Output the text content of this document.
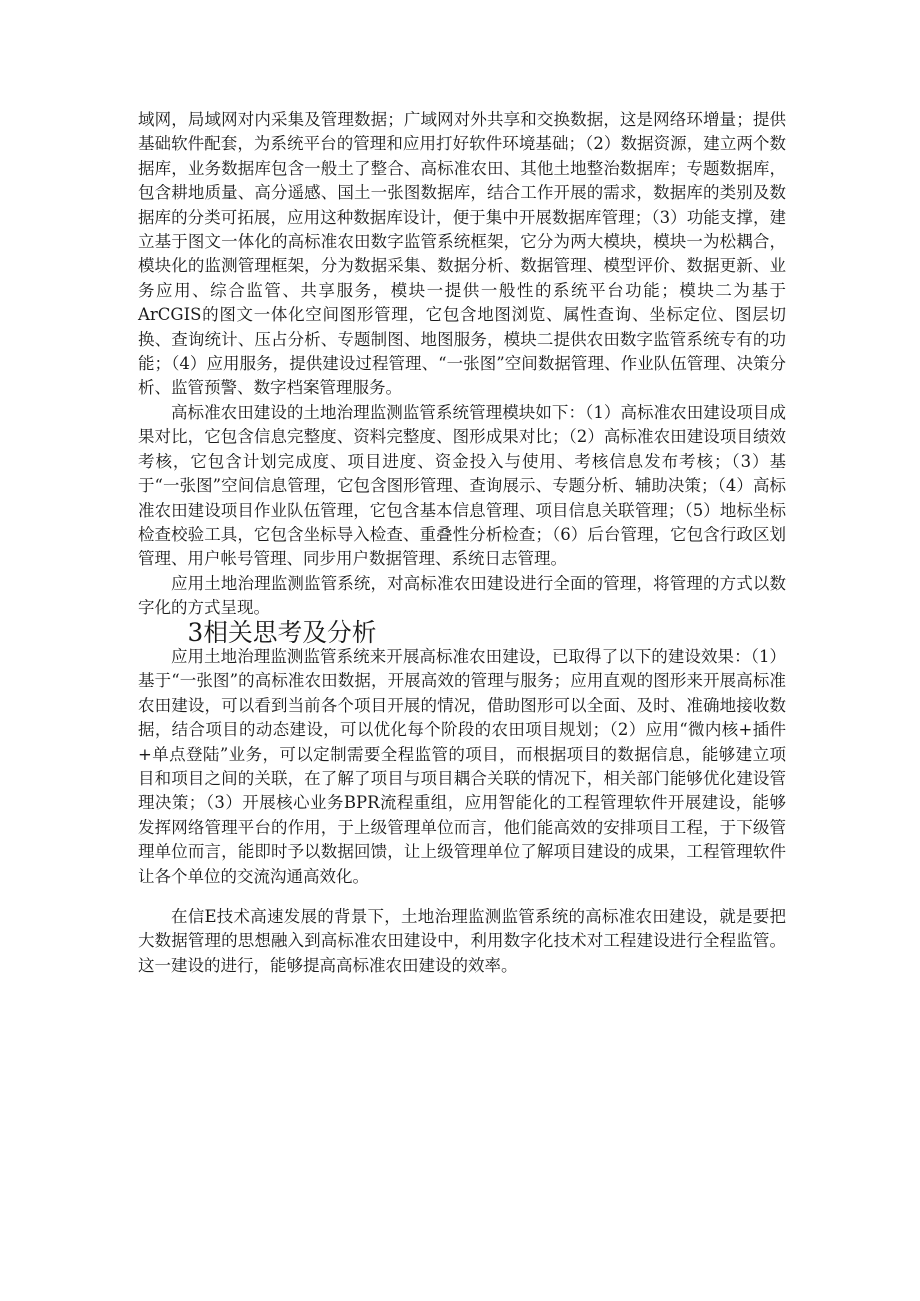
域网，局域网对内采集及管理数据；广域网对外共享和交换数据，这是网络环增量；提供基础软件配套，为系统平台的管理和应用打好软件环境基础；（2）数据资源，建立两个数据库，业务数据库包含一般土了整合、高标准农田、其他土地整治数据库；专题数据库，包含耕地质量、高分遥感、国土一张图数据库，结合工作开展的需求，数据库的类别及数据库的分类可拓展，应用这种数据库设计，便于集中开展数据库管理；（3）功能支撑，建立基于图文一体化的高标准农田数字监管系统框架，它分为两大模块，模块一为松耦合，模块化的监测管理框架，分为数据采集、数据分析、数据管理、模型评价、数据更新、业务应用、综合监管、共享服务，模块一提供一般性的系统平台功能；模块二为基于ArCGIS的图文一体化空间图形管理，它包含地图浏览、属性查询、坐标定位、图层切换、查询统计、压占分析、专题制图、地图服务，模块二提供农田数字监管系统专有的功能；（4）应用服务，提供建设过程管理、“一张图”空间数据管理、作业队伍管理、决策分析、监管预警、数字档案管理服务。

高标准农田建设的土地治理监测监管系统管理模块如下：（1）高标准农田建设项目成果对比，它包含信息完整度、资料完整度、图形成果对比；（2）高标准农田建设项目绩效考核，它包含计划完成度、项目进度、资金投入与使用、考核信息发布考核；（3）基于“一张图”空间信息管理，它包含图形管理、查询展示、专题分析、辅助决策；（4）高标准农田建设项目作业队伍管理，它包含基本信息管理、项目信息关联管理；（5）地标坐标检查校验工具，它包含坐标导入检查、重叠性分析检查；（6）后台管理，它包含行政区划管理、用户帐号管理、同步用户数据管理、系统日志管理。

应用土地治理监测监管系统，对高标准农田建设进行全面的管理，将管理的方式以数字化的方式呈现。

3相关思考及分析

应用土地治理监测监管系统来开展高标准农田建设，已取得了以下的建设效果：（1）基于“一张图”的高标准农田数据，开展高效的管理与服务；应用直观的图形来开展高标准农田建设，可以看到当前各个项目开展的情况，借助图形可以全面、及时、准确地接收数据，结合项目的动态建设，可以优化每个阶段的农田项目规划；（2）应用“微内核+插件+单点登陆”业务，可以定制需要全程监管的项目，而根据项目的数据信息，能够建立项目和项目之间的关联，在了解了项目与项目耦合关联的情况下，相关部门能够优化建设管理决策；（3）开展核心业务BPR流程重组，应用智能化的工程管理软件开展建设，能够发挥网络管理平台的作用，于上级管理单位而言，他们能高效的安排项目工程，于下级管理单位而言，能即时予以数据回馈，让上级管理单位了解项目建设的成果，工程管理软件让各个单位的交流沟通高效化。

在信E技术高速发展的背景下，土地治理监测监管系统的高标准农田建设，就是要把大数据管理的思想融入到高标准农田建设中，利用数字化技术对工程建设进行全程监管。这一建设的进行，能够提高高标准农田建设的效率。
